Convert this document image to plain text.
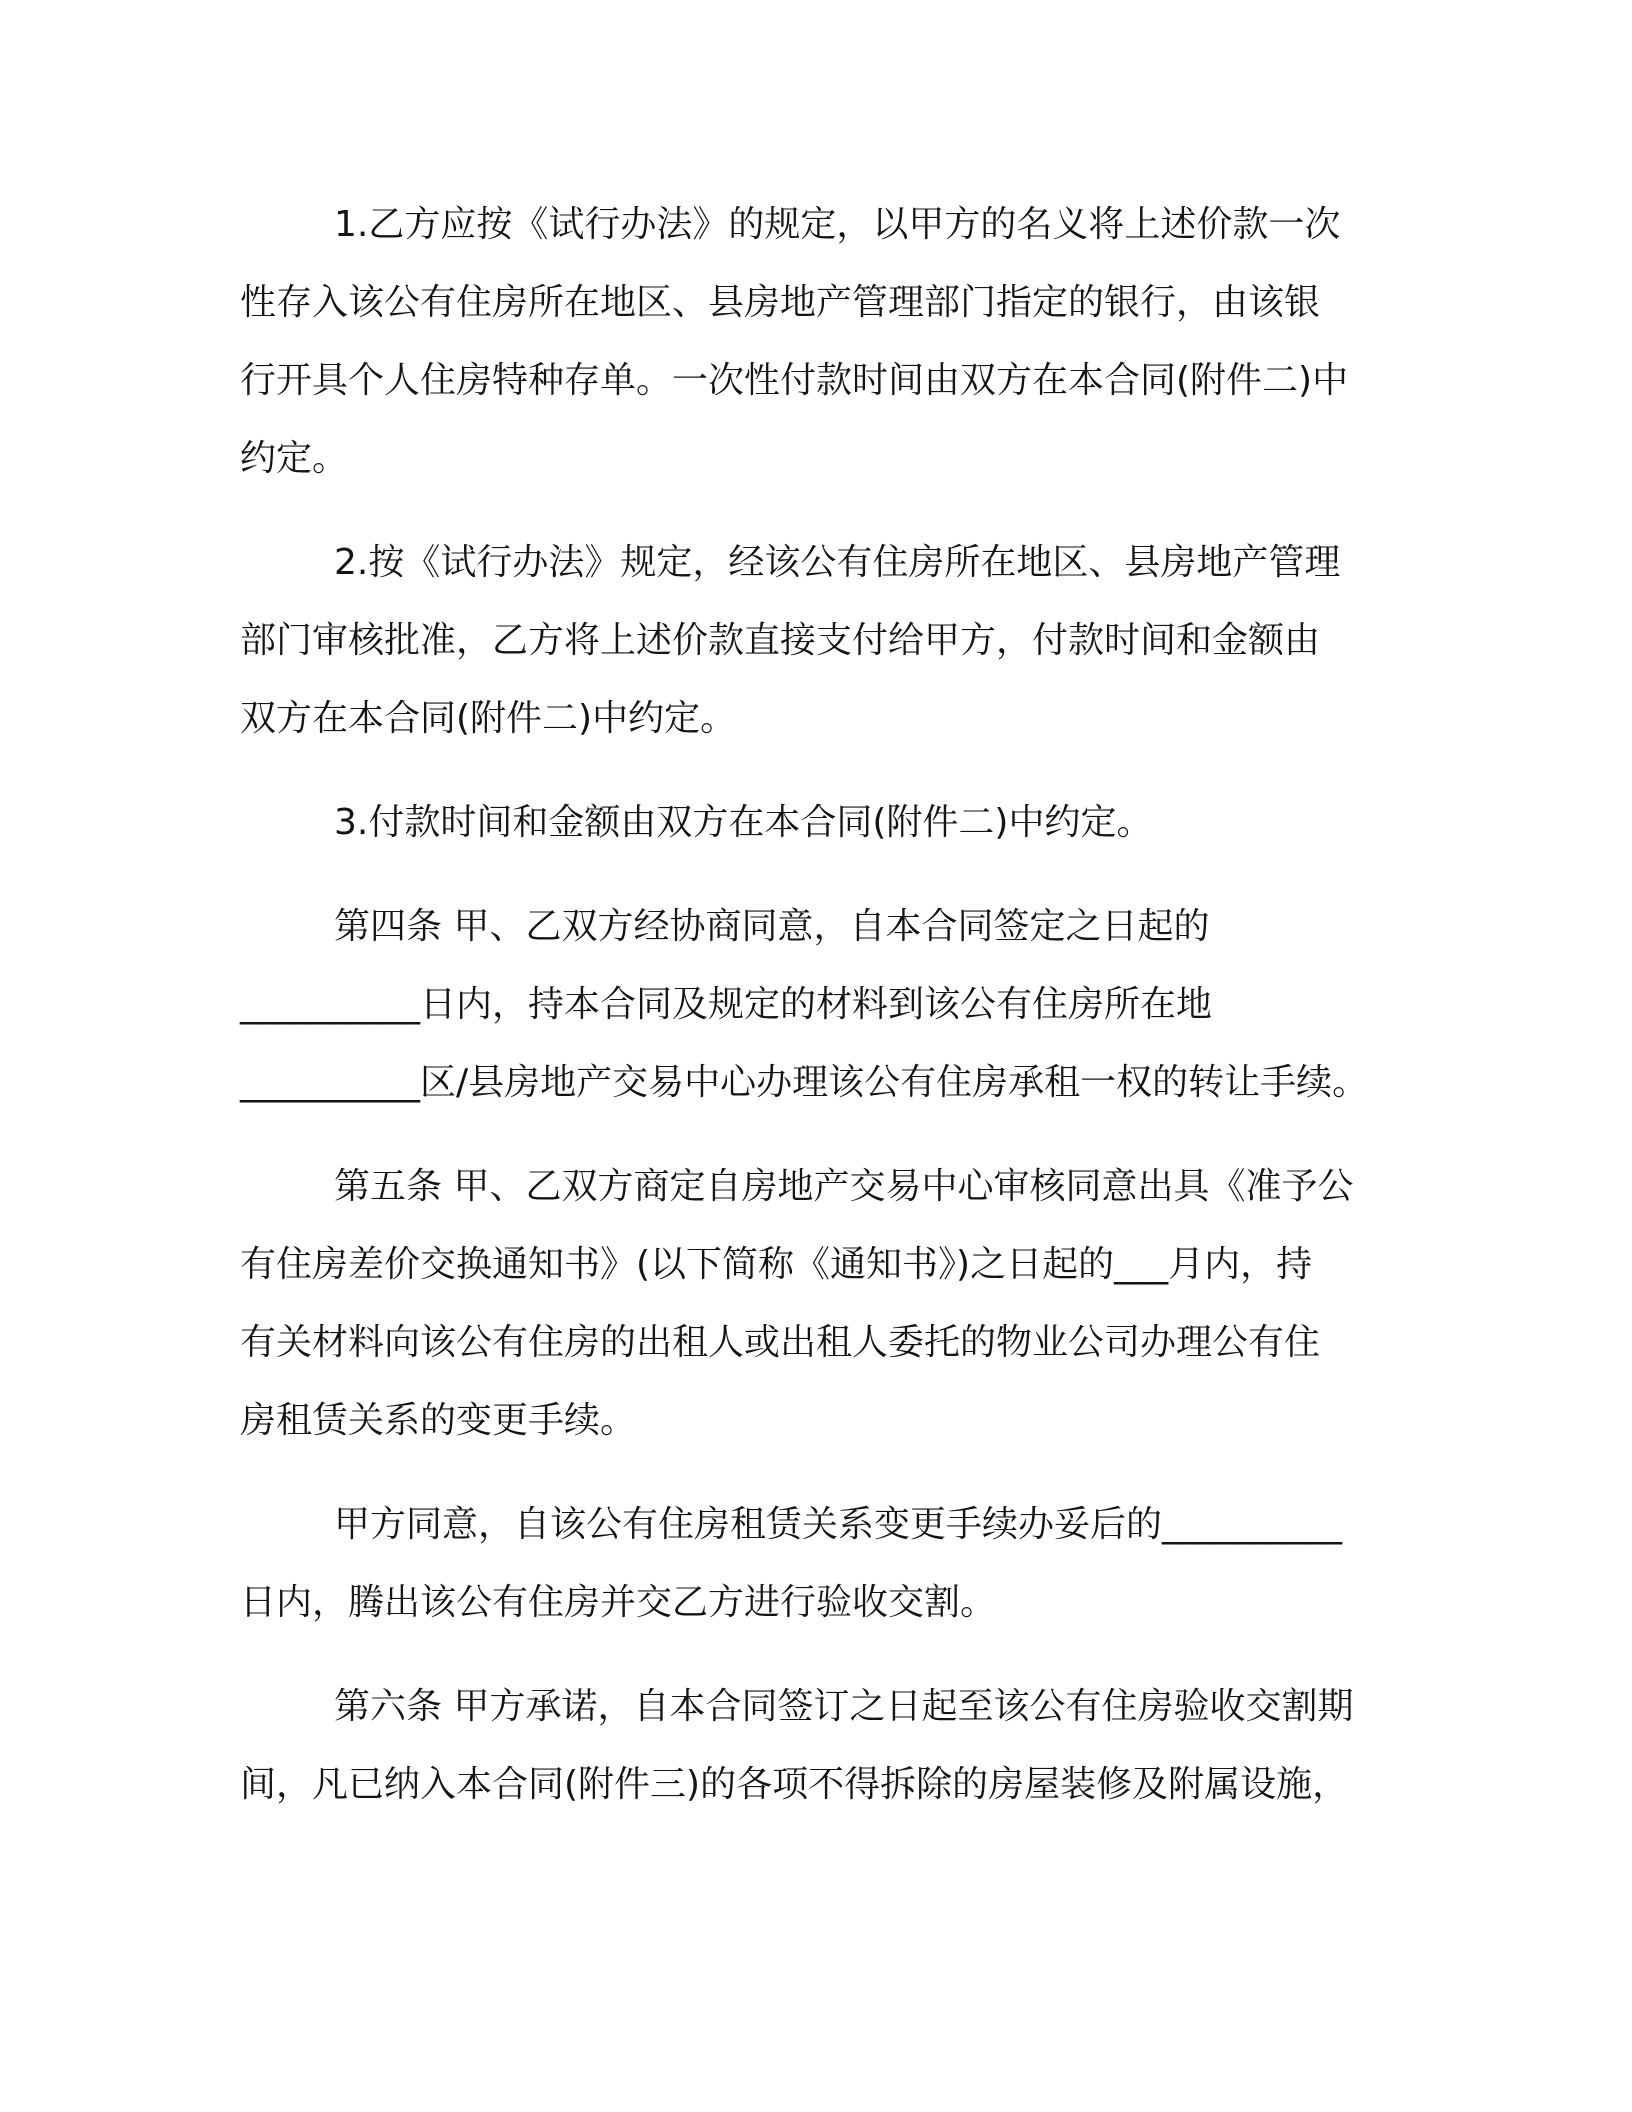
1.乙方应按《试行办法》的规定，以甲方的名义将上述价款一次

性存入该公有住房所在地区、县房地产管理部门指定的银行，由该银

行开具个人住房特种存单。一次性付款时间由双方在本合同(附件二)中

约定。

2.按《试行办法》规定，经该公有住房所在地区、县房地产管理

部门审核批准，乙方将上述价款直接支付给甲方，付款时间和金额由

双方在本合同(附件二)中约定。

3.付款时间和金额由双方在本合同(附件二)中约定。

第四条 甲、乙双方经协商同意，自本合同签定之日起的

__________日内，持本合同及规定的材料到该公有住房所在地

__________区/县房地产交易中心办理该公有住房承租一权的转让手续。

第五条 甲、乙双方商定自房地产交易中心审核同意出具《准予公

有住房差价交换通知书》(以下简称《通知书》)之日起的___月内，持

有关材料向该公有住房的出租人或出租人委托的物业公司办理公有住

房租赁关系的变更手续。

甲方同意，自该公有住房租赁关系变更手续办妥后的__________

日内，腾出该公有住房并交乙方进行验收交割。

第六条 甲方承诺，自本合同签订之日起至该公有住房验收交割期

间，凡已纳入本合同(附件三)的各项不得拆除的房屋装修及附属设施，
